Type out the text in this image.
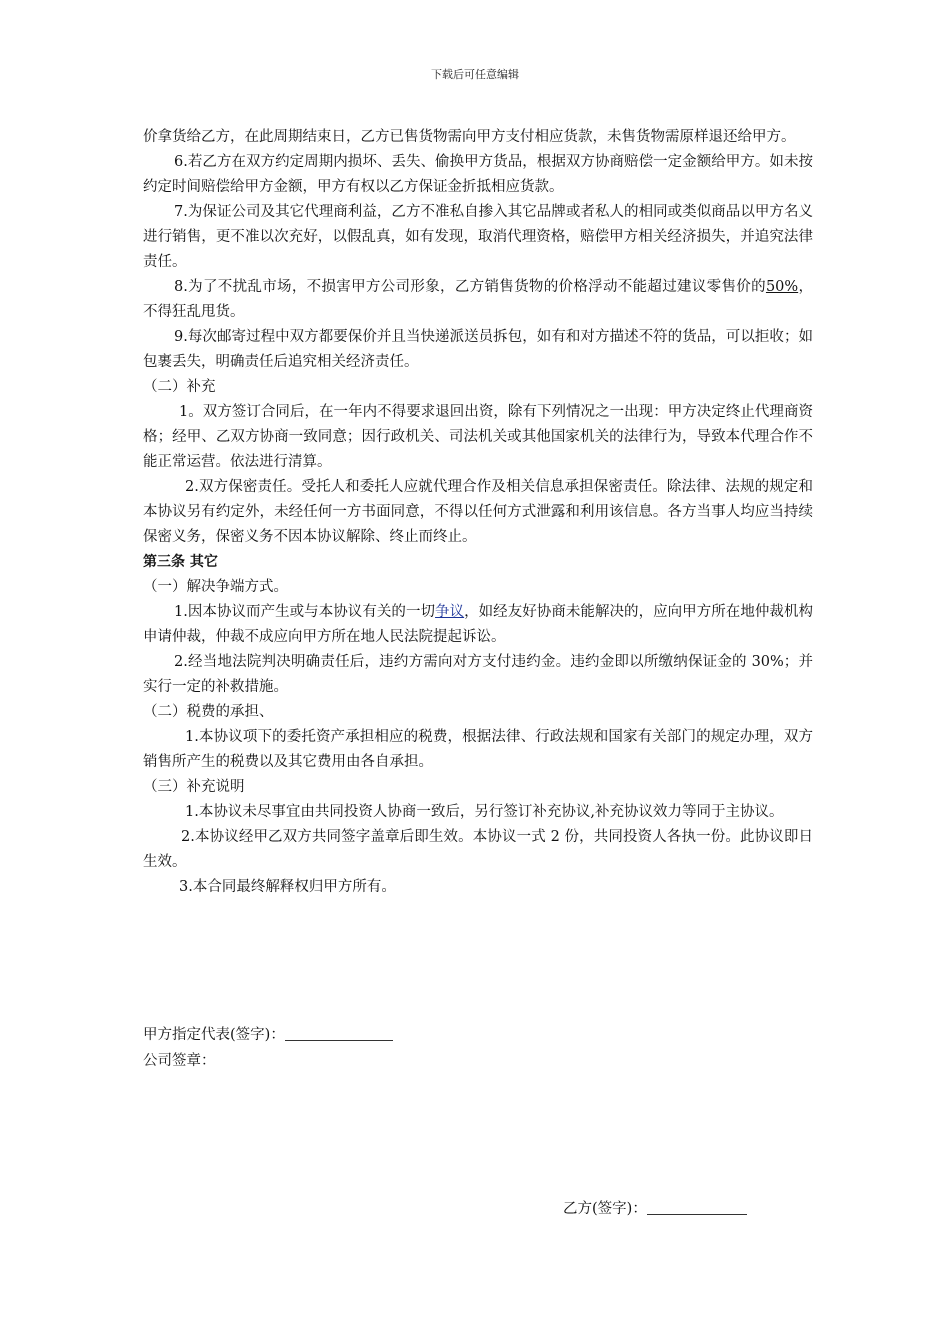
下载后可任意编辑

价拿货给乙方，在此周期结束日，乙方已售货物需向甲方支付相应货款，未售货物需原样退还给甲方。

6.若乙方在双方约定周期内损坏、丢失、偷换甲方货品，根据双方协商赔偿一定金额给甲方。如未按约定时间赔偿给甲方金额，甲方有权以乙方保证金折抵相应货款。

7.为保证公司及其它代理商利益，乙方不准私自掺入其它品牌或者私人的相同或类似商品以甲方名义进行销售，更不准以次充好，以假乱真，如有发现，取消代理资格，赔偿甲方相关经济损失，并追究法律责任。

8.为了不扰乱市场，不损害甲方公司形象，乙方销售货物的价格浮动不能超过建议零售价的50%，不得狂乱甩货。

9.每次邮寄过程中双方都要保价并且当快递派送员拆包，如有和对方描述不符的货品，可以拒收；如包裹丢失，明确责任后追究相关经济责任。

（二）补充

1。双方签订合同后，在一年内不得要求退回出资，除有下列情况之一出现：甲方决定终止代理商资格；经甲、乙双方协商一致同意；因行政机关、司法机关或其他国家机关的法律行为，导致本代理合作不能正常运营。依法进行清算。

2.双方保密责任。受托人和委托人应就代理合作及相关信息承担保密责任。除法律、法规的规定和本协议另有约定外，未经任何一方书面同意，不得以任何方式泄露和利用该信息。各方当事人均应当持续保密义务，保密义务不因本协议解除、终止而终止。

第三条 其它

（一）解决争端方式。

1.因本协议而产生或与本协议有关的一切争议，如经友好协商未能解决的，应向甲方所在地仲裁机构申请仲裁，仲裁不成应向甲方所在地人民法院提起诉讼。

2.经当地法院判决明确责任后，违约方需向对方支付违约金。违约金即以所缴纳保证金的 30%；并实行一定的补救措施。

（二）税费的承担、

1.本协议项下的委托资产承担相应的税费，根据法律、行政法规和国家有关部门的规定办理，双方销售所产生的税费以及其它费用由各自承担。

（三）补充说明

1.本协议未尽事宜由共同投资人协商一致后，另行签订补充协议,补充协议效力等同于主协议。

2.本协议经甲乙双方共同签字盖章后即生效。本协议一式 2 份，共同投资人各执一份。此协议即日生效。

3.本合同最终解释权归甲方所有。

甲方指定代表(签字)：
公司签章：
乙方(签字)：
